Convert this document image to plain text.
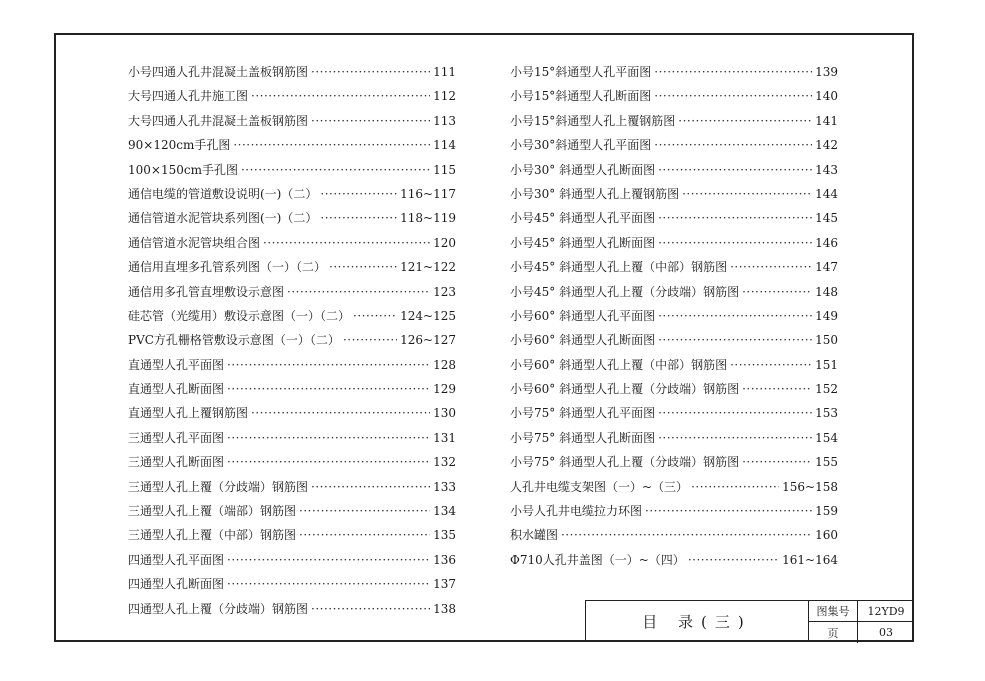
小号四通人孔井混凝土盖板钢筋图 ·····	111
大号四通人孔井施工图 ·····	112
大号四通人孔井混凝土盖板钢筋图 ·····	113
90×120cm手孔图 ·····	114
100×150cm手孔图 ·····	115
通信电缆的管道敷设说明(一)（二） ·····	116~117
通信管道水泥管块系列图(一)（二） ·····	118~119
通信管道水泥管块组合图 ·····	120
通信用直埋多孔管系列图（一）（二） ·····	121~122
通信用多孔管直埋敷设示意图 ·····	123
硅芯管（光缆用）敷设示意图（一）（二） ·····	124~125
PVC方孔栅格管敷设示意图（一）（二） ·····	126~127
直通型人孔平面图 ·····	128
直通型人孔断面图 ·····	129
直通型人孔上覆钢筋图 ·····	130
三通型人孔平面图 ·····	131
三通型人孔断面图 ·····	132
三通型人孔上覆（分歧端）钢筋图 ·····	133
三通型人孔上覆（端部）钢筋图 ·····	134
三通型人孔上覆（中部）钢筋图 ·····	135
四通型人孔平面图 ·····	136
四通型人孔断面图 ·····	137
四通型人孔上覆（分歧端）钢筋图 ·····	138
小号15°斜通型人孔平面图 ·····	139
小号15°斜通型人孔断面图 ·····	140
小号15°斜通型人孔上覆钢筋图 ·····	141
小号30°斜通型人孔平面图 ·····	142
小号30° 斜通型人孔断面图 ·····	143
小号30° 斜通型人孔上覆钢筋图 ·····	144
小号45° 斜通型人孔平面图 ·····	145
小号45° 斜通型人孔断面图 ·····	146
小号45° 斜通型人孔上覆（中部）钢筋图 ·····	147
小号45° 斜通型人孔上覆（分歧端）钢筋图 ·····	148
小号60° 斜通型人孔平面图 ·····	149
小号60° 斜通型人孔断面图 ·····	150
小号60° 斜通型人孔上覆（中部）钢筋图 ·····	151
小号60° 斜通型人孔上覆（分歧端）钢筋图 ·····	152
小号75° 斜通型人孔平面图 ·····	153
小号75° 斜通型人孔断面图 ·····	154
小号75° 斜通型人孔上覆（分歧端）钢筋图 ·····	155
人孔井电缆支架图（一）~（三） ·····	156~158
小号人孔井电缆拉力环图 ·····	159
积水罐图 ·····	160
Φ710人孔井盖图（一）~（四） ·····	161~164
目 录(三)
图集号	12YD9
页	03
